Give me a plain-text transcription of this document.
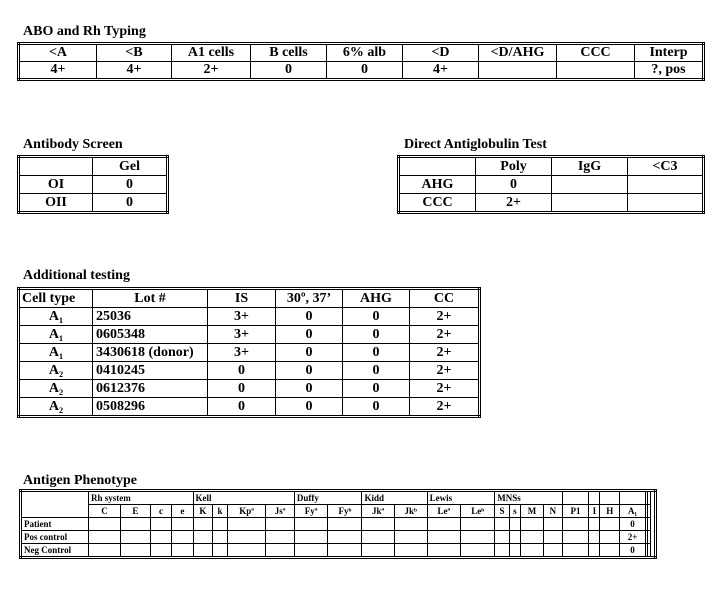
ABO and Rh Typing
<A	<B	A1 cells	B cells	6% alb	<D	<D/AHG	CCC	Interp
4+	4+	2+	0	0	4+			?, pos
Antibody Screen
	Gel
OI	0
OII	0
Direct Antiglobulin Test
	Poly	IgG	<C3
AHG	0		
CCC	2+		
Additional testing
Cell type	Lot #	IS	30º, 37’	AHG	CC
A₁	25036	3+	0	0	2+
A₁	0605348	3+	0	0	2+
A₁	3430618 (donor)	3+	0	0	2+
A₂	0410245	0	0	0	2+
A₂	0612376	0	0	0	2+
A₂	0508296	0	0	0	2+
Antigen Phenotype
	Rh system				Kell				Duffy		Kidd		Lewis		MNSs										
	C	E	c	e	K	k	Kpª	Jsª	Fyª	Fyᵇ	Jkª	Jkᵇ	Leª	Leᵇ	S	s	M	N	P1	I	H	A₁			
Patient																						0			
Pos control																						2+			
Neg Control																						0			
